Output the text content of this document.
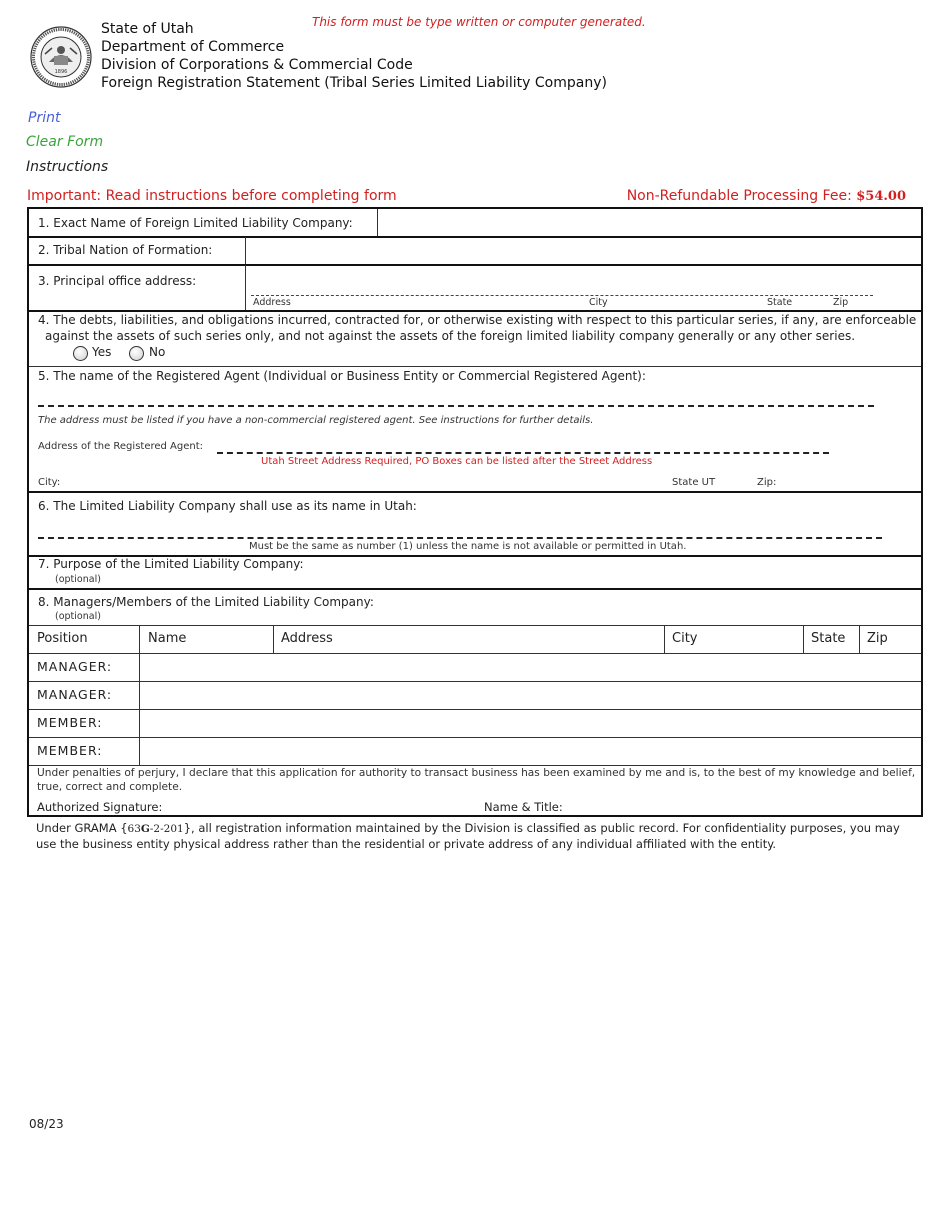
1896
State of Utah
Department of Commerce
Division of Corporations & Commercial Code
Foreign Registration Statement (Tribal Series Limited Liability Company)
This form must be type written or computer generated.
Print
Clear Form
Instructions
Important: Read instructions before completing form	Non-Refundable Processing Fee: $54.00
1. Exact Name of Foreign Limited Liability Company:
2. Tribal Nation of Formation:
3. Principal office address:
Address	City	State	Zip
4. The debts, liabilities, and obligations incurred, contracted for, or otherwise existing with respect to this particular series, if any, are enforceable
against the assets of such series only, and not against the assets of the foreign limited liability company generally or any other series.
Yes	No
5. The name of the Registered Agent (Individual or Business Entity or Commercial Registered Agent):
The address must be listed if you have a non-commercial registered agent. See instructions for further details.
Address of the Registered Agent:
Utah Street Address Required, PO Boxes can be listed after the Street Address
City:	State UT	Zip:
6. The Limited Liability Company shall use as its name in Utah:
Must be the same as number (1) unless the name is not available or permitted in Utah.
7. Purpose of the Limited Liability Company:
(optional)
8. Managers/Members of the Limited Liability Company:
(optional)
Position	Name	Address	City	State Zip
MANAGER:
MANAGER:
MEMBER:
MEMBER:
Under penalties of perjury, I declare that this application for authority to transact business has been examined by me and is, to the best of my knowledge and belief,
true, correct and complete.
Authorized Signature:	Name & Title:
Under GRAMA {63G-2-201}, all registration information maintained by the Division is classified as public record. For confidentiality purposes, you may
use the business entity physical address rather than the residential or private address of any individual affiliated with the entity.
08/23
